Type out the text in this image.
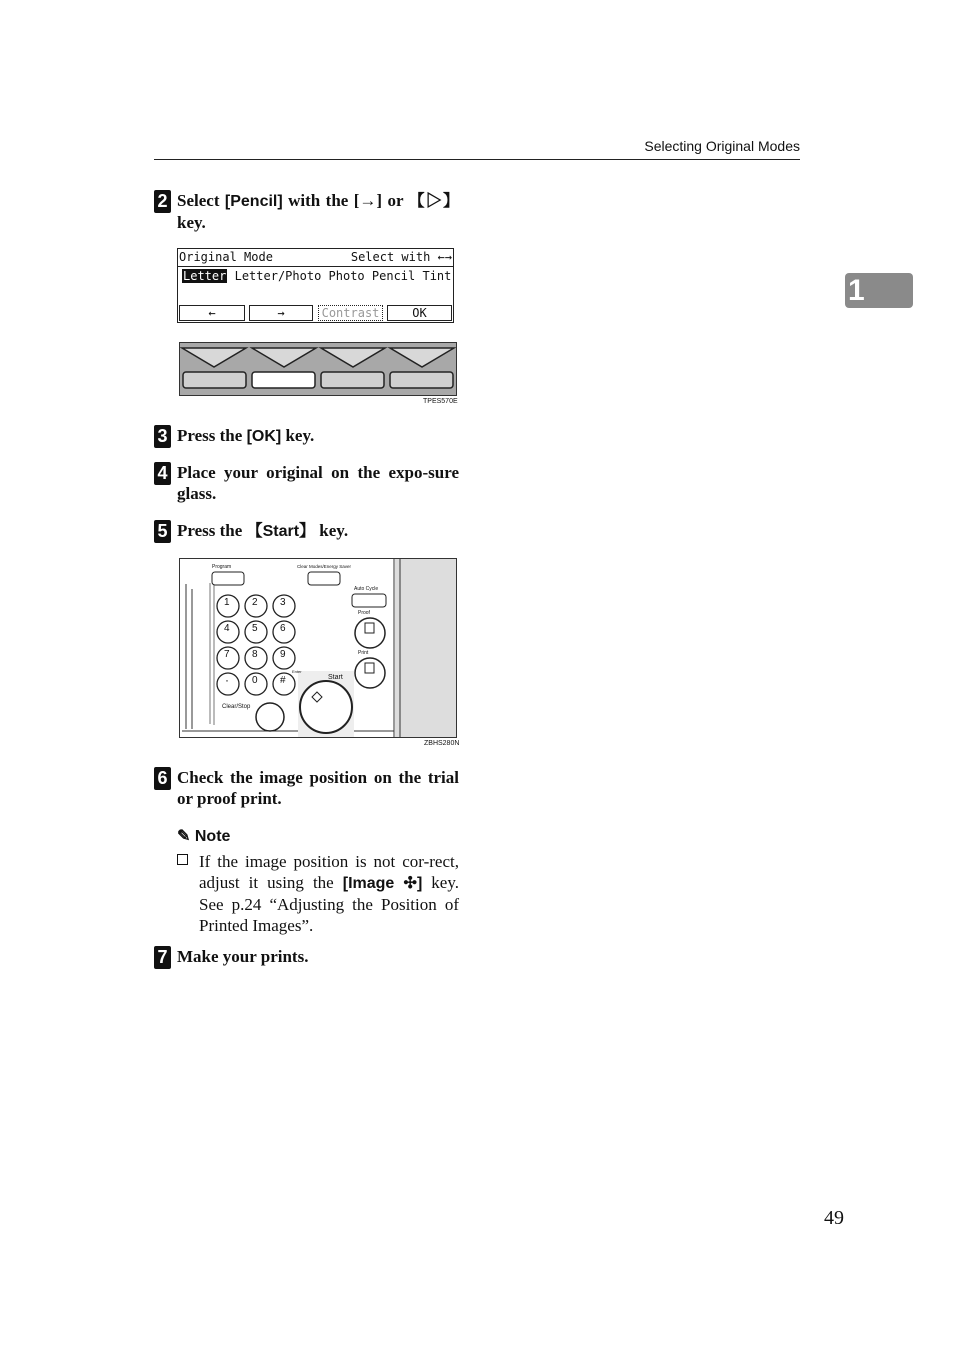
Selecting Original Modes
1
2 Select [Pencil] with the [→] or 【▷】 key.
Original Mode	Select with ←→
Letter Letter/Photo Photo Pencil Tint
←	→	Contrast	OK
TPES570E
3 Press the [OK] key.
4 Place your original on the expo-sure glass.
5 Press the 【Start】 key.
Program	Clear Modes/Energy Saver
Auto Cycle
Proof
Print
Enter
Start
Clear/Stop
1 2 3
4 5 6
7 8 9
· 0 #
ZBHS280N
6 Check the image position on the trial or proof print.
✎ Note
If the image position is not cor-rect, adjust it using the [Image ✣] key. See p.24 “Adjusting the Position of Printed Images”.
7 Make your prints.
49
